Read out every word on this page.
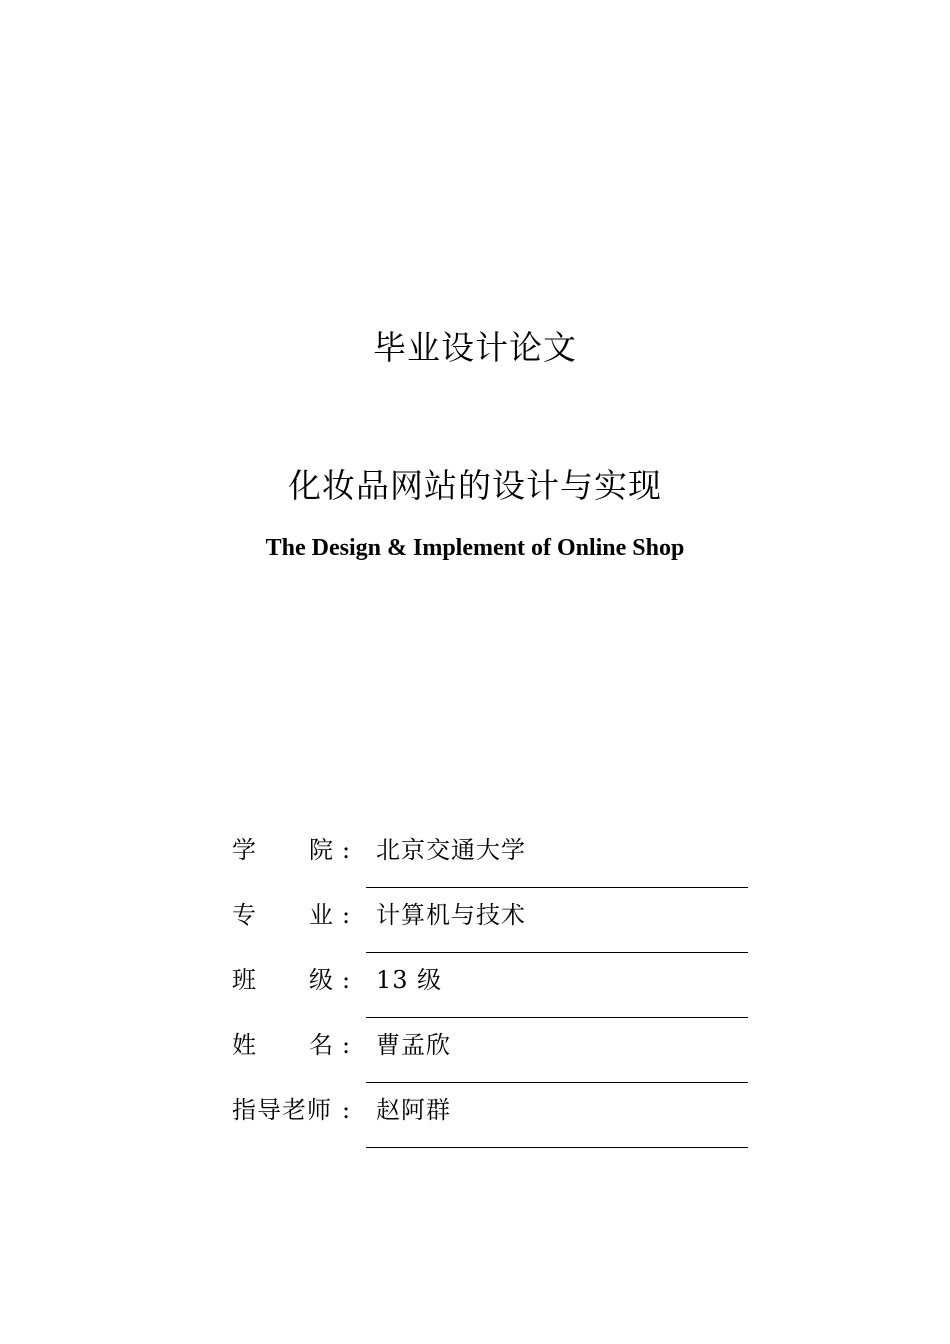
毕业设计论文
化妆品网站的设计与实现
The Design & Implement of Online Shop
学 院 : 北京交通大学
专 业 : 计算机与技术
班 级 : 13 级
姓 名 : 曹孟欣
指导老师 : 赵阿群
